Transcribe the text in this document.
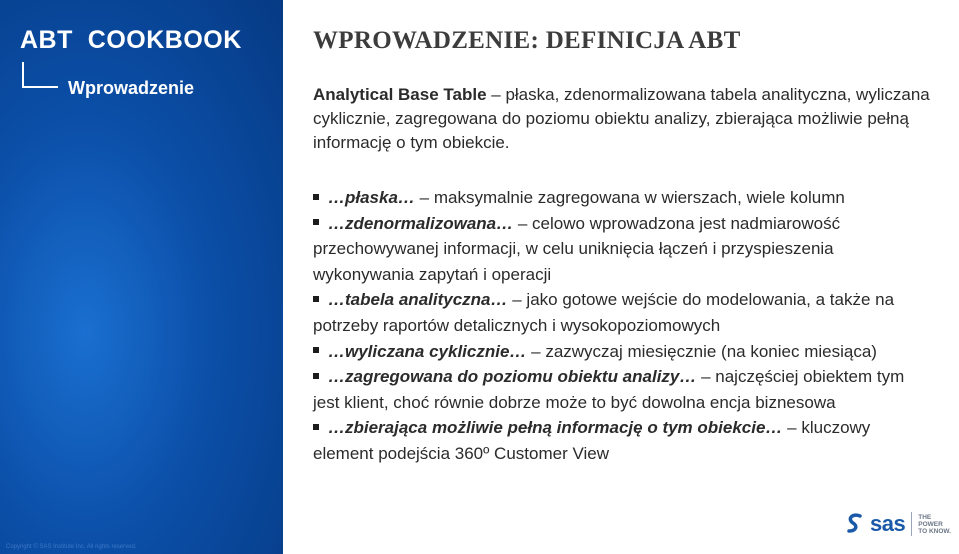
ABT  COOKBOOK
Wprowadzenie
Copyright © SAS Institute Inc. All rights reserved.
WPROWADZENIE: DEFINICJA ABT
Analytical Base Table – płaska, zdenormalizowana tabela analityczna, wyliczana cyklicznie, zagregowana do poziomu obiektu analizy, zbierająca możliwie pełną informację o tym obiekcie.
…płaska… – maksymalnie zagregowana w wierszach, wiele kolumn
…zdenormalizowana… – celowo wprowadzona jest nadmiarowość przechowywanej informacji, w celu uniknięcia łączeń i przyspieszenia wykonywania zapytań i operacji
…tabela analityczna… – jako gotowe wejście do modelowania, a także na potrzeby raportów detalicznych i wysokopoziomowych
…wyliczana cyklicznie… – zazwyczaj miesięcznie (na koniec miesiąca)
…zagregowana do poziomu obiektu analizy… – najczęściej obiektem tym jest klient, choć równie dobrze może to być dowolna encja biznesowa
…zbierająca możliwie pełną informację o tym obiekcie… – kluczowy element podejścia 360º Customer View
sas THE
POWER
TO KNOW.
